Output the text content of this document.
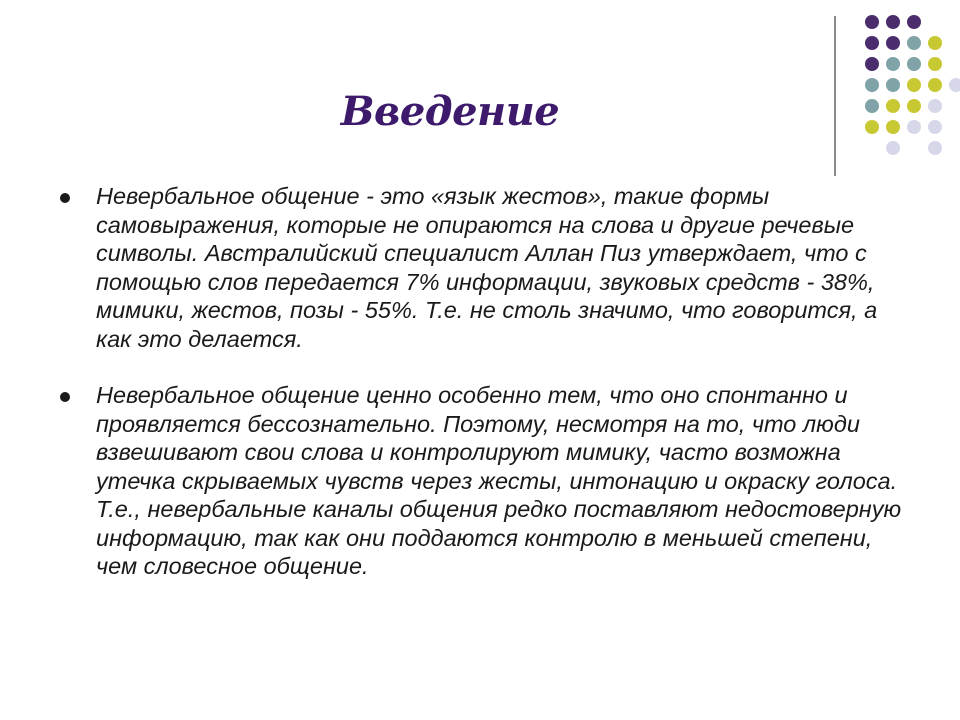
Введение
Невербальное общение - это «язык жестов», такие формы самовыражения, которые не опираются на слова и другие речевые символы. Австралийский специалист Аллан Пиз утверждает, что с помощью слов передается 7% информации, звуковых средств - 38%, мимики, жестов, позы - 55%. Т.е. не столь значимо, что говорится, а как это делается.
Невербальное общение ценно особенно тем, что оно спонтанно и проявляется бессознательно. Поэтому, несмотря на то, что люди взвешивают свои слова и контролируют мимику, часто возможна утечка скрываемых чувств через жесты, интонацию и окраску голоса. Т.е., невербальные каналы общения редко поставляют недостоверную информацию, так как они поддаются контролю в меньшей степени, чем словесное общение.
